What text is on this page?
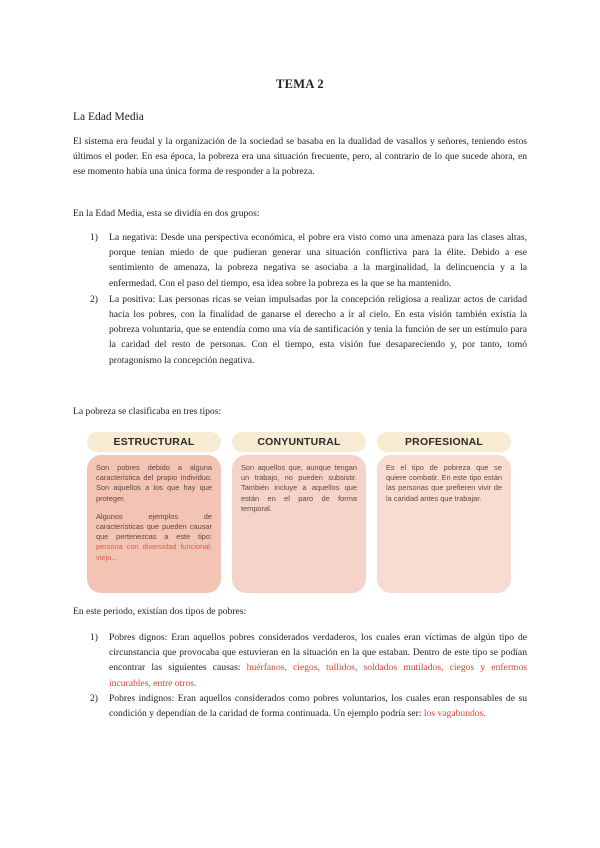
TEMA 2
La Edad Media
El sistema era feudal y la organización de la sociedad se basaba en la dualidad de vasallos y señores, teniendo estos últimos el poder. En esa época, la pobreza era una situación frecuente, pero, al contrario de lo que sucede ahora, en ese momento había una única forma de responder a la pobreza.
En la Edad Media, esta se dividía en dos grupos:
1) La negativa: Desde una perspectiva económica, el pobre era visto como una amenaza para las clases altas, porque tenían miedo de que pudieran generar una situación conflictiva para la élite. Debido a ese sentimiento de amenaza, la pobreza negativa se asociaba a la marginalidad, la delincuencia y a la enfermedad. Con el paso del tiempo, esa idea sobre la pobreza es la que se ha mantenido.
2) La positiva: Las personas ricas se veían impulsadas por la concepción religiosa a realizar actos de caridad hacia los pobres, con la finalidad de ganarse el derecho a ir al cielo. En esta visión también existía la pobreza voluntaria, que se entendía como una vía de santificación y tenía la función de ser un estímulo para la caridad del resto de personas. Con el tiempo, esta visión fue desapareciendo y, por tanto, tomó protagonismo la concepción negativa.
La pobreza se clasificaba en tres tipos:
ESTRUCTURAL

Son pobres debido a alguna característica del propio individuo. Son aquellos a los que hay que proteger.

Algunos ejemplos de características que pueden causar que pertenezcas a este tipo: persona con diversidad funcional, viejo...

CONYUNTURAL

Son aquellos que, aunque tengan un trabajo, no pueden subsistir. También incluye a aquellos que están en el paro de forma temporal.

PROFESIONAL

Es el tipo de pobreza que se quiere combatir. En este tipo están las personas que prefieren vivir de la caridad antes que trabajar.

En este periodo, existían dos tipos de pobres:
1) Pobres dignos: Eran aquellos pobres considerados verdaderos, los cuales eran víctimas de algún tipo de circunstancia que provocaba que estuvieran en la situación en la que estaban. Dentro de este tipo se podían encontrar las siguientes causas: huérfanos, ciegos, tullidos, soldados mutilados, ciegos y enfermos incurables, entre otros.
2) Pobres indignos: Eran aquellos considerados como pobres voluntarios, los cuales eran responsables de su condición y dependían de la caridad de forma continuada. Un ejemplo podría ser: los vagabundos.
